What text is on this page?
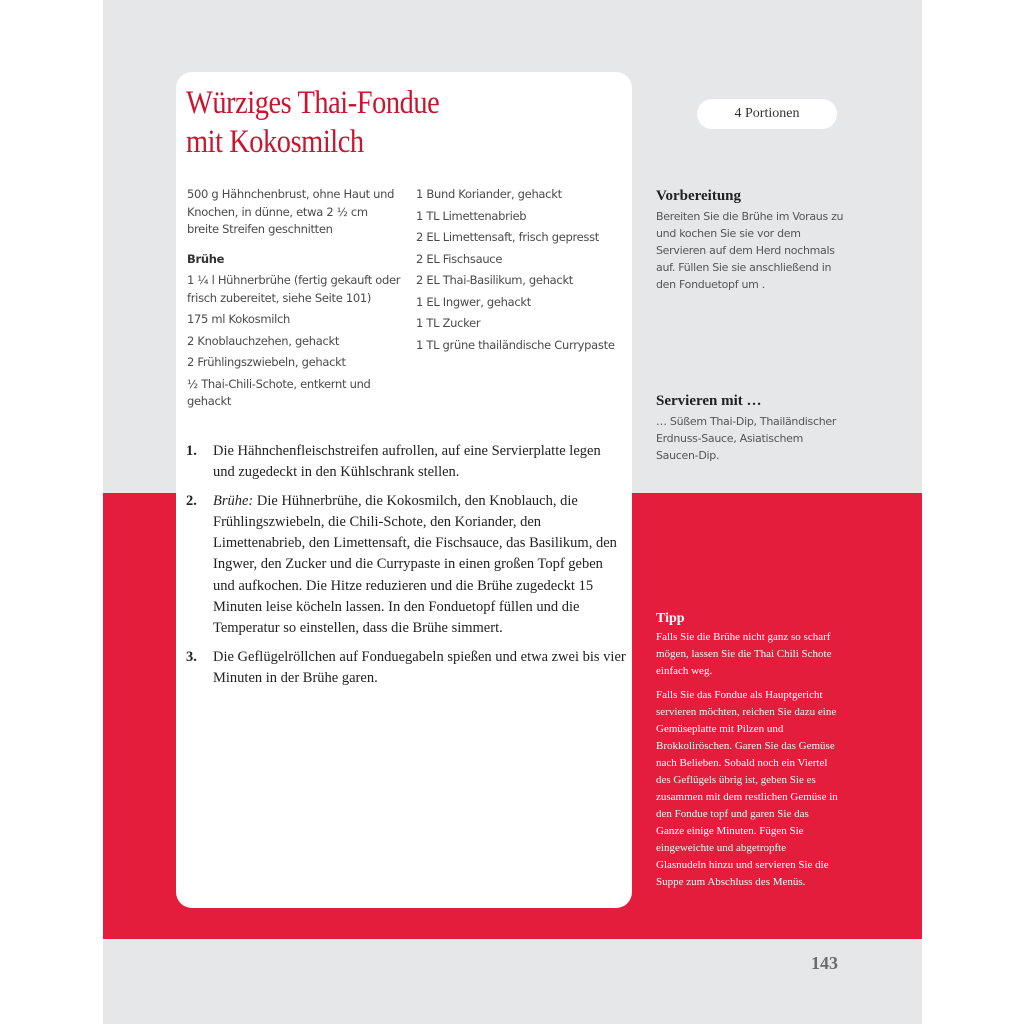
Würziges Thai-Fondue
mit Kokosmilch

500 g Hähnchenbrust, ohne Haut und Knochen, in dünne, etwa 2 ½ cm breite Streifen geschnitten

Brühe

1 ¼ l Hühnerbrühe (fertig gekauft oder frisch zubereitet, siehe Seite 101)

175 ml Kokosmilch

2 Knoblauchzehen, gehackt

2 Frühlingszwiebeln, gehackt

½ Thai-Chili-Schote, entkernt und gehackt

1 Bund Koriander, gehackt

1 TL Limettenabrieb

2 EL Limettensaft, frisch gepresst

2 EL Fischsauce

2 EL Thai-Basilikum, gehackt

1 EL Ingwer, gehackt

1 TL Zucker

1 TL grüne thailändische Currypaste

1. Die Hähnchenfleischstreifen aufrollen, auf eine Servierplatte legen und zugedeckt in den Kühlschrank stellen.
2. Brühe: Die Hühnerbrühe, die Kokosmilch, den Knoblauch, die Frühlingszwiebeln, die Chili-Schote, den Koriander, den Limettenabrieb, den Limettensaft, die Fischsauce, das Basilikum, den Ingwer, den Zucker und die Currypaste in einen großen Topf geben und aufkochen. Die Hitze reduzieren und die Brühe zugedeckt 15 Minuten leise köcheln lassen. In den Fonduetopf füllen und die Temperatur so einstellen, dass die Brühe simmert.
3. Die Geflügelröllchen auf Fonduegabeln spießen und etwa zwei bis vier Minuten in der Brühe garen.
4 Portionen

Vorbereitung

Bereiten Sie die Brühe im Voraus zu und kochen Sie sie vor dem Servieren auf dem Herd nochmals auf. Füllen Sie sie anschließend in den Fonduetopf um .

Servieren mit …

… Süßem Thai-Dip, Thailändischer Erdnuss-Sauce, Asiatischem Saucen-Dip.

Tipp

Falls Sie die Brühe nicht ganz so scharf mögen, lassen Sie die Thai Chili Schote einfach weg.

Falls Sie das Fondue als Hauptgericht servieren möchten, reichen Sie dazu eine Gemüseplatte mit Pilzen und Brokkoliröschen. Garen Sie das Gemüse nach Belieben. Sobald noch ein Viertel des Geflügels übrig ist, geben Sie es zusammen mit dem restlichen Gemüse in den Fondue topf und garen Sie das Ganze einige Minuten. Fügen Sie eingeweichte und abgetropfte Glasnudeln hinzu und servieren Sie die Suppe zum Abschluss des Menüs.

143
